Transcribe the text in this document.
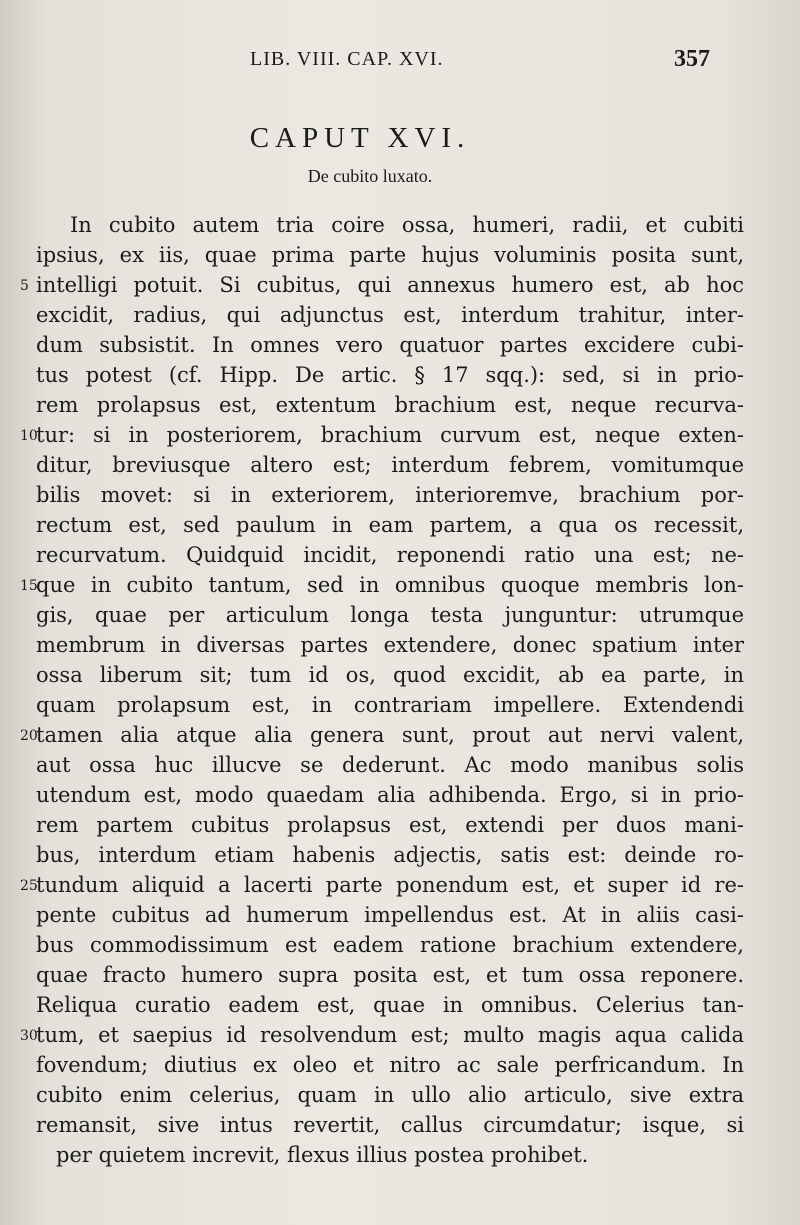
LIB. VIII. CAP. XVI.	357
CAPUT XVI.
De cubito luxato.
In cubito autem tria coire ossa, humeri, radii, et cubiti
ipsius, ex iis, quae prima parte hujus voluminis posita sunt,
5 intelligi potuit. Si cubitus, qui annexus humero est, ab hoc
excidit, radius, qui adjunctus est, interdum trahitur, inter-
dum subsistit. In omnes vero quatuor partes excidere cubi-
tus potest (cf. Hipp. De artic. § 17 sqq.): sed, si in prio-
rem prolapsus est, extentum brachium est, neque recurva-
10
tur: si in posteriorem, brachium curvum est, neque exten-
ditur, breviusque altero est; interdum febrem, vomitumque
bilis movet: si in exteriorem, interioremve, brachium por-
rectum est, sed paulum in eam partem, a qua os recessit,
recurvatum. Quidquid incidit, reponendi ratio una est; ne-
15
que in cubito tantum, sed in omnibus quoque membris lon-
gis, quae per articulum longa testa junguntur: utrumque
membrum in diversas partes extendere, donec spatium inter
ossa liberum sit; tum id os, quod excidit, ab ea parte, in
quam prolapsum est, in contrariam impellere. Extendendi
20
tamen alia atque alia genera sunt, prout aut nervi valent,
aut ossa huc illucve se dederunt. Ac modo manibus solis
utendum est, modo quaedam alia adhibenda. Ergo, si in prio-
rem partem cubitus prolapsus est, extendi per duos mani-
bus, interdum etiam habenis adjectis, satis est: deinde ro-
25
tundum aliquid a lacerti parte ponendum est, et super id re-
pente cubitus ad humerum impellendus est. At in aliis casi-
bus commodissimum est eadem ratione brachium extendere,
quae fracto humero supra posita est, et tum ossa reponere.
Reliqua curatio eadem est, quae in omnibus. Celerius tan-
30
tum, et saepius id resolvendum est; multo magis aqua calida
fovendum; diutius ex oleo et nitro ac sale perfricandum. In
cubito enim celerius, quam in ullo alio articulo, sive extra
remansit, sive intus revertit, callus circumdatur; isque, si
per quietem increvit, flexus illius postea prohibet.
